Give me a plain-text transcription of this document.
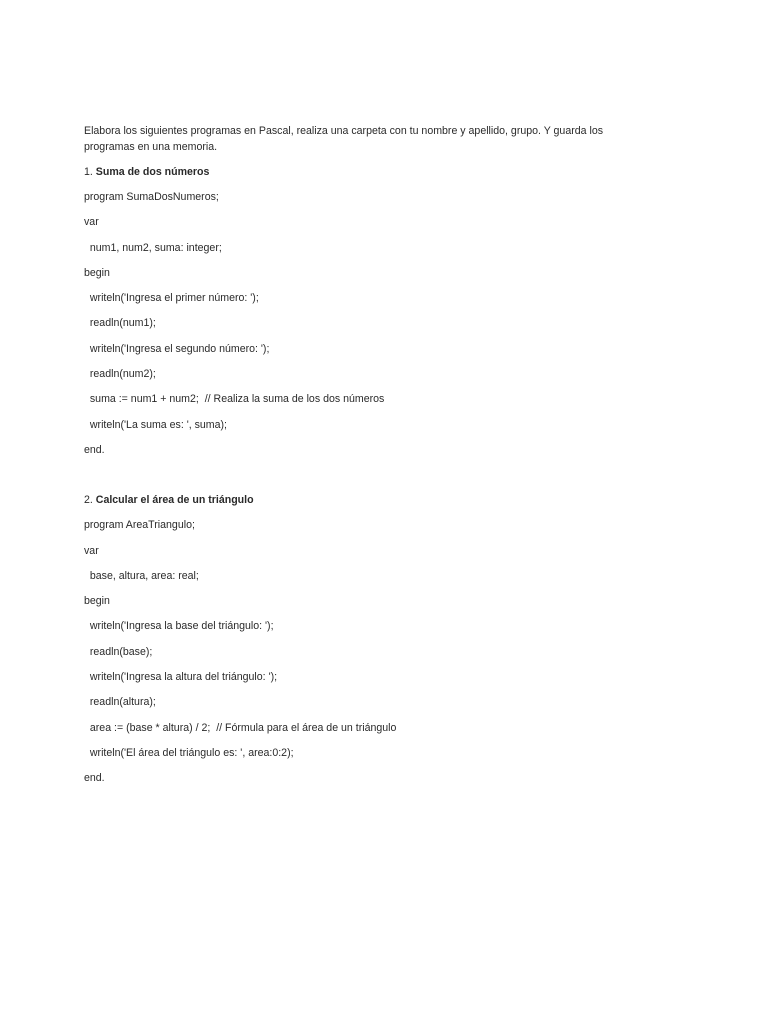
Elabora los siguientes programas en Pascal, realiza una carpeta con tu nombre y apellido, grupo. Y guarda los programas en una memoria.

1. Suma de dos números

program SumaDosNumeros;

var

num1, num2, suma: integer;

begin

writeln('Ingresa el primer número: ');

readln(num1);

writeln('Ingresa el segundo número: ');

readln(num2);

suma := num1 + num2;  // Realiza la suma de los dos números

writeln('La suma es: ', suma);

end.

2. Calcular el área de un triángulo

program AreaTriangulo;

var

base, altura, area: real;

begin

writeln('Ingresa la base del triángulo: ');

readln(base);

writeln('Ingresa la altura del triángulo: ');

readln(altura);

area := (base * altura) / 2;  // Fórmula para el área de un triángulo

writeln('El área del triángulo es: ', area:0:2);

end.
